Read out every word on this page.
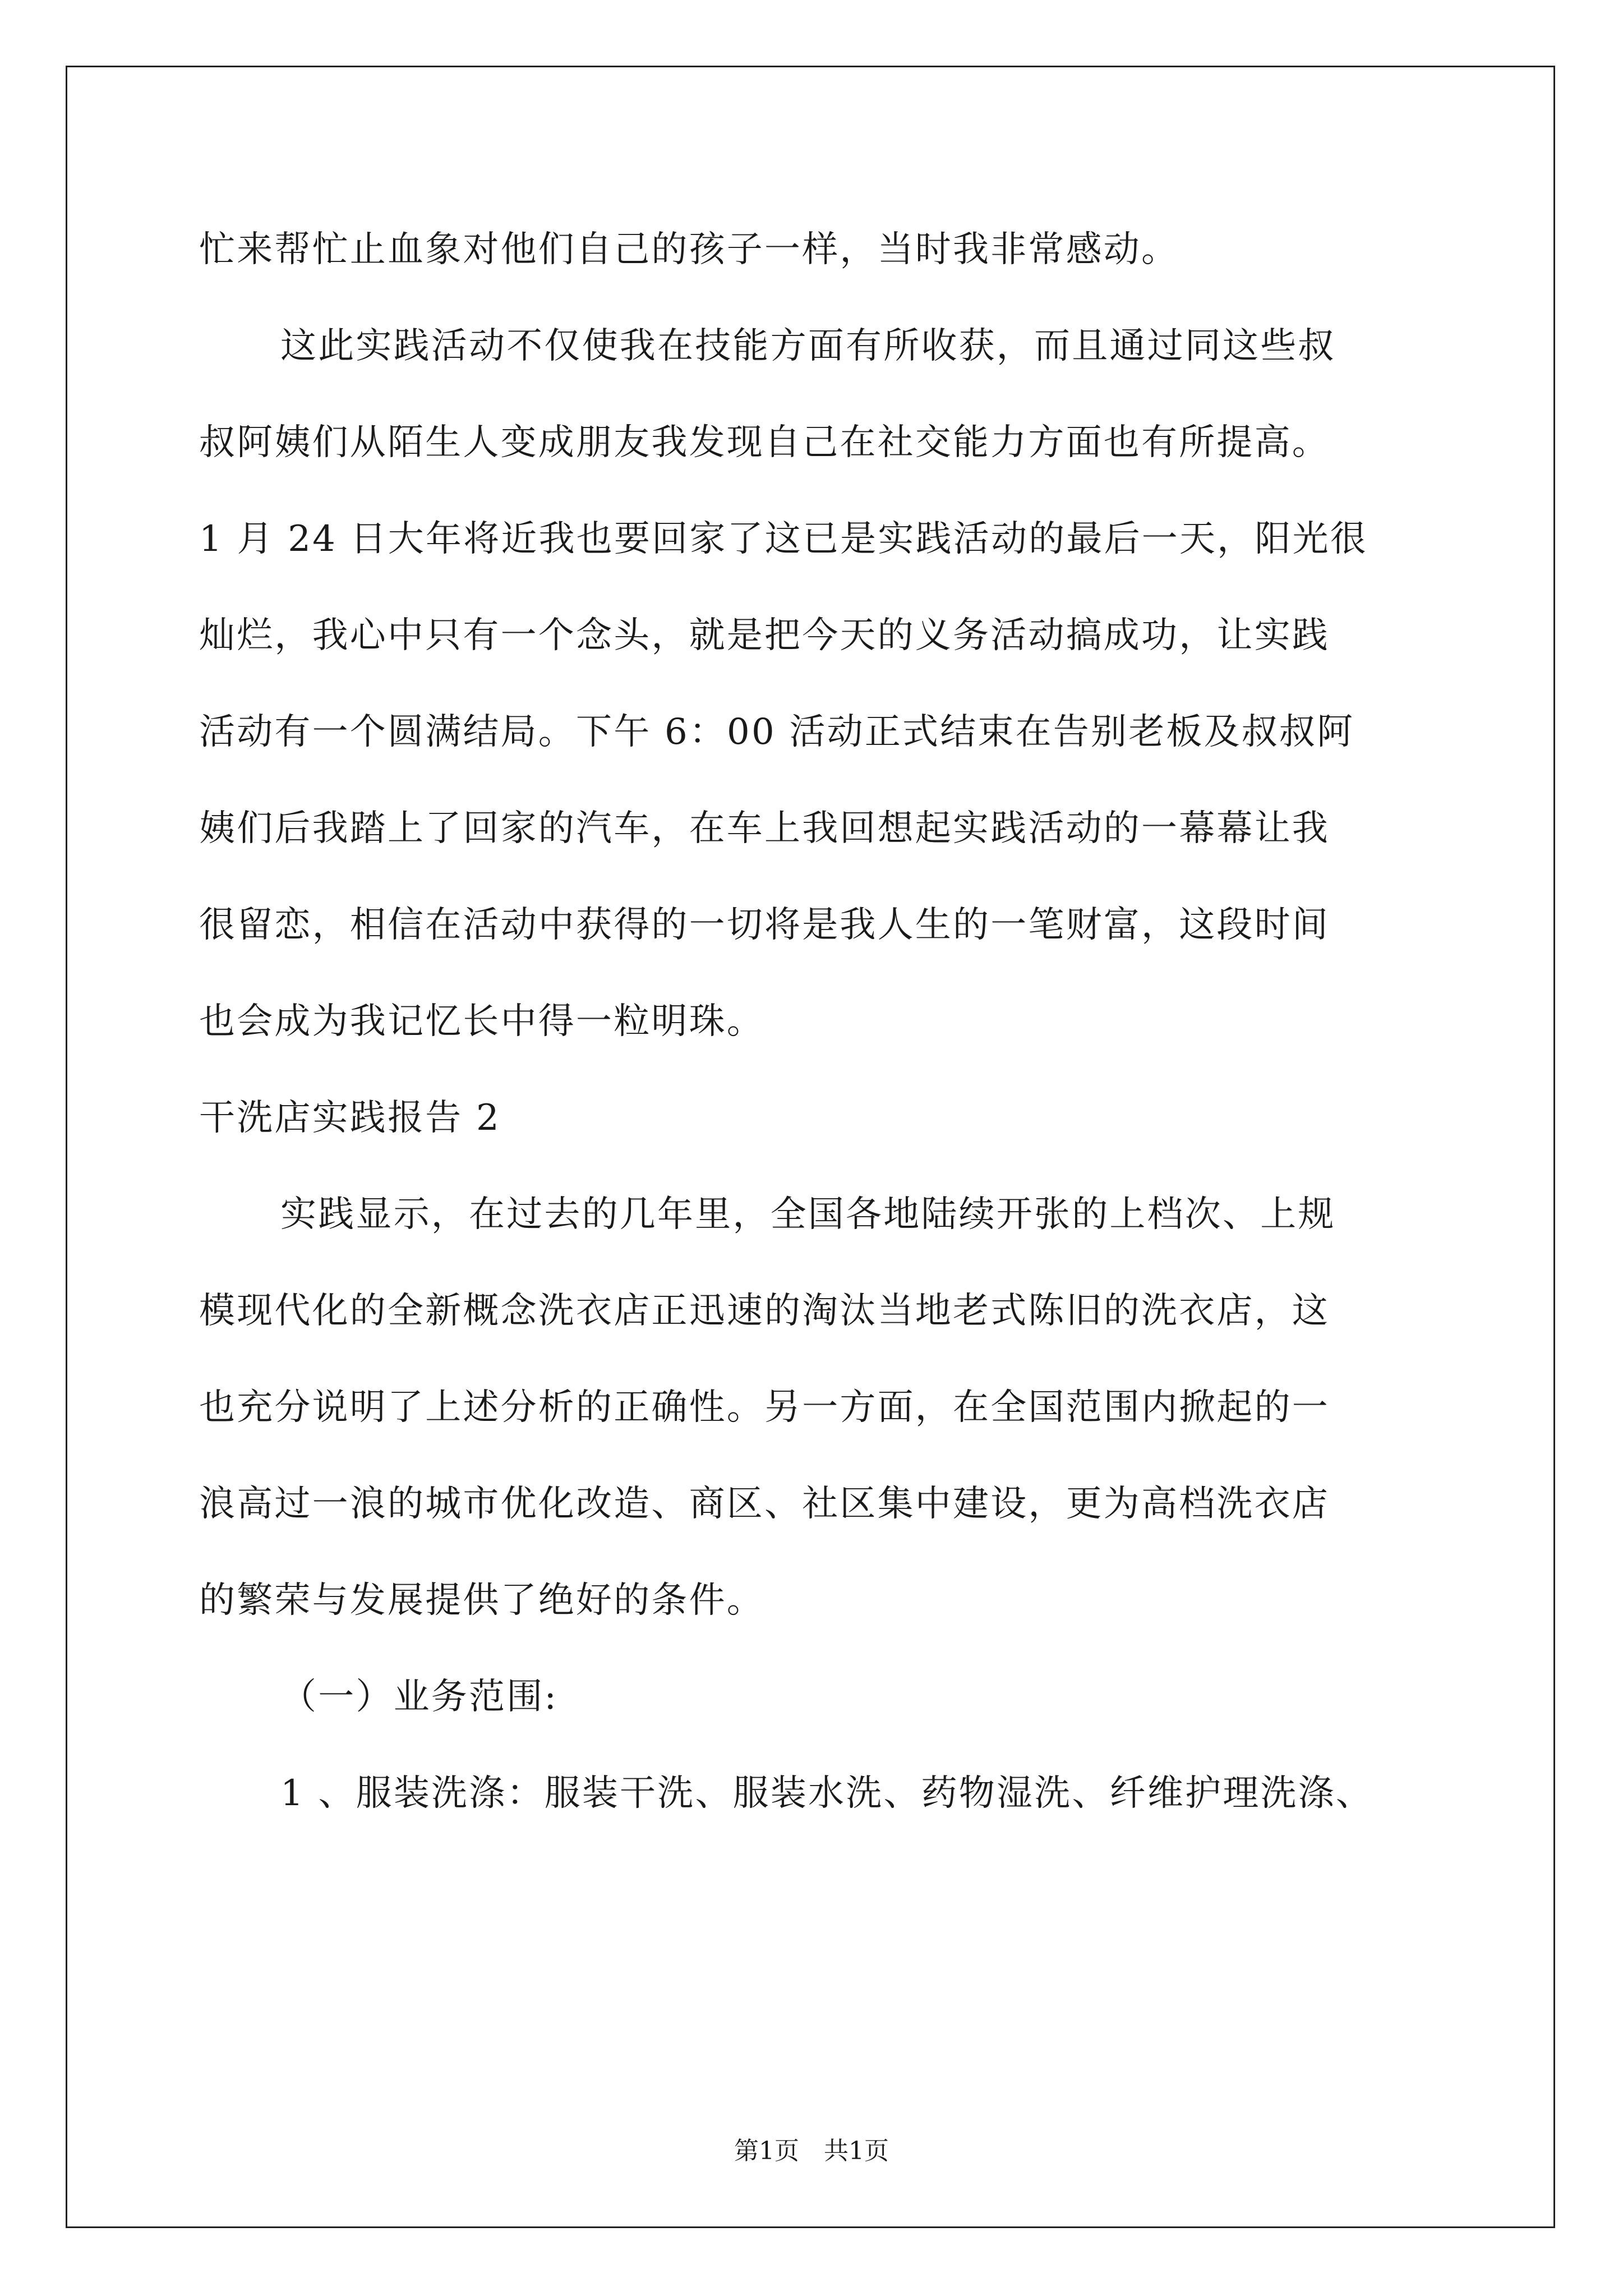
忙来帮忙止血象对他们自己的孩子一样，当时我非常感动。
这此实践活动不仅使我在技能方面有所收获，而且通过同这些叔
叔阿姨们从陌生人变成朋友我发现自己在社交能力方面也有所提高。
1 月 24 日大年将近我也要回家了这已是实践活动的最后一天，阳光很
灿烂，我心中只有一个念头，就是把今天的义务活动搞成功，让实践
活动有一个圆满结局。下午 6：00 活动正式结束在告别老板及叔叔阿
姨们后我踏上了回家的汽车，在车上我回想起实践活动的一幕幕让我
很留恋，相信在活动中获得的一切将是我人生的一笔财富，这段时间
也会成为我记忆长中得一粒明珠。
干洗店实践报告 2
实践显示，在过去的几年里，全国各地陆续开张的上档次、上规
模现代化的全新概念洗衣店正迅速的淘汰当地老式陈旧的洗衣店，这
也充分说明了上述分析的正确性。另一方面，在全国范围内掀起的一
浪高过一浪的城市优化改造、商区、社区集中建设，更为高档洗衣店
的繁荣与发展提供了绝好的条件。
（一）业务范围:
1 、服装洗涤：服装干洗、服装水洗、药物湿洗、纤维护理洗涤、
第1页 共1页
